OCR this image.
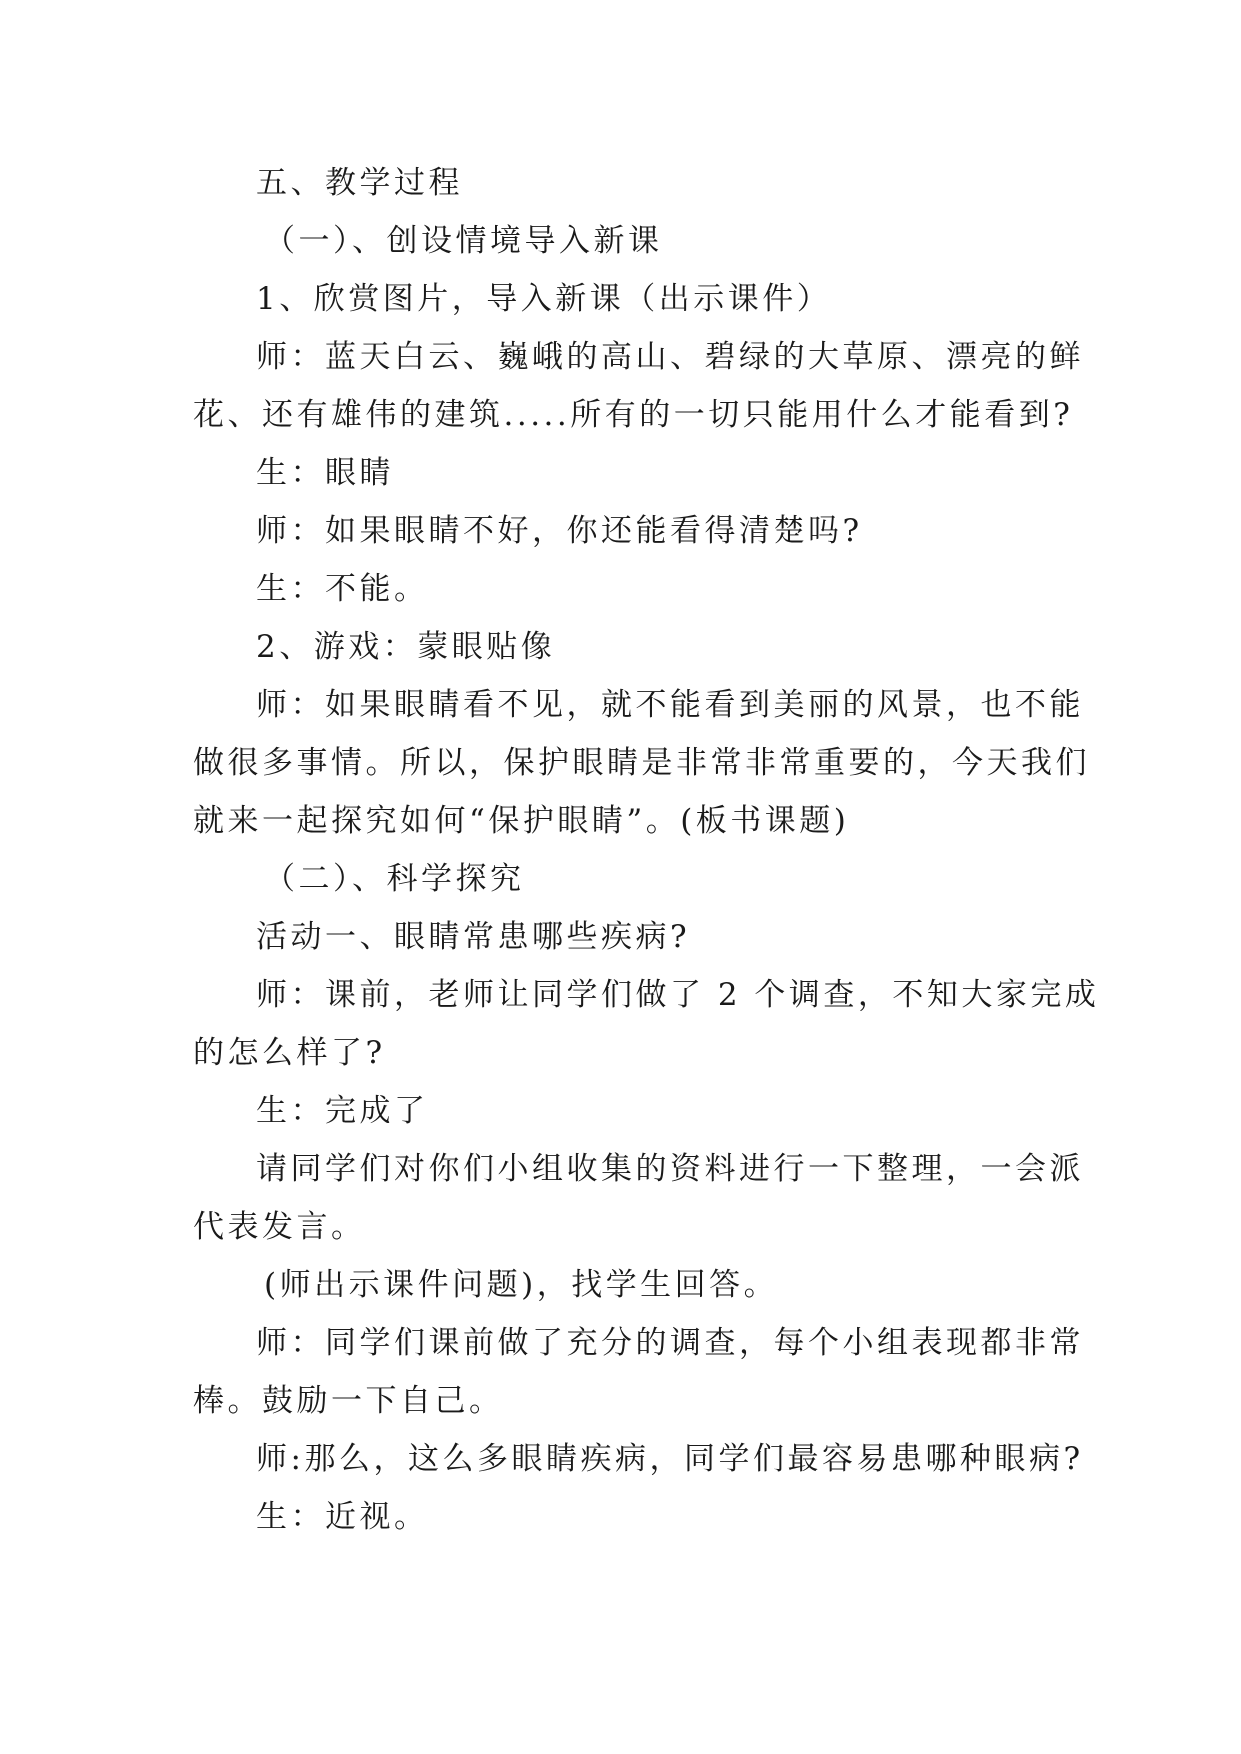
五、教学过程
（一）、创设情境导入新课
1、欣赏图片，导入新课（出示课件）
师：蓝天白云、巍峨的高山、碧绿的大草原、漂亮的鲜
花、还有雄伟的建筑.....所有的一切只能用什么才能看到?
生：眼睛
师：如果眼睛不好，你还能看得清楚吗?
生：不能。
2、游戏：蒙眼贴像
师：如果眼睛看不见，就不能看到美丽的风景，也不能
做很多事情。所以，保护眼睛是非常非常重要的，今天我们
就来一起探究如何“保护眼睛”。(板书课题)
（二）、科学探究
活动一、眼睛常患哪些疾病?
师：课前，老师让同学们做了 2 个调查，不知大家完成
的怎么样了?
生：完成了
请同学们对你们小组收集的资料进行一下整理，一会派
代表发言。
(师出示课件问题)，找学生回答。
师：同学们课前做了充分的调查，每个小组表现都非常
棒。鼓励一下自己。
师:那么，这么多眼睛疾病，同学们最容易患哪种眼病?
生：近视。
